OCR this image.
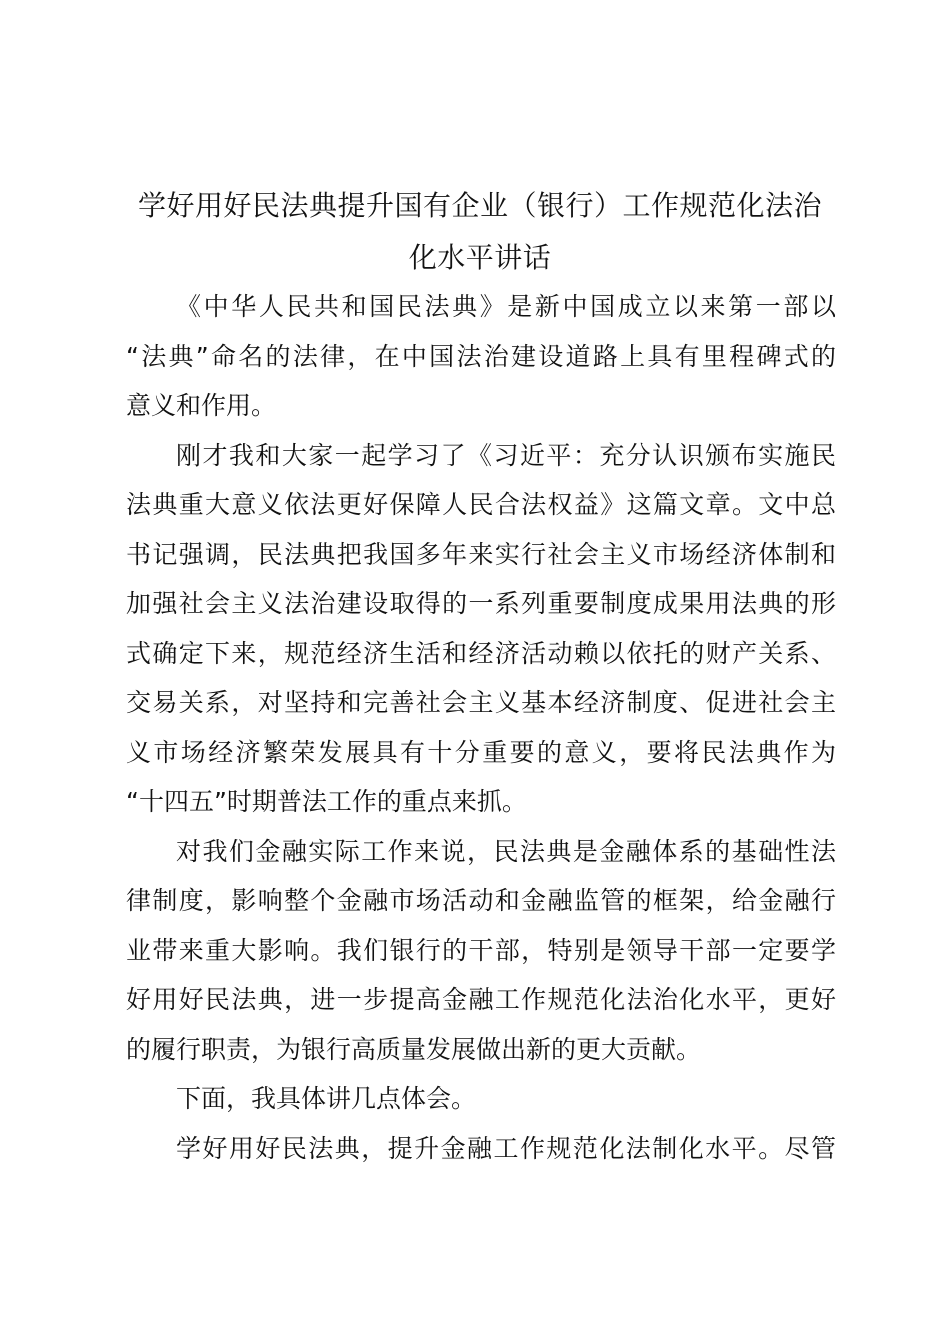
学好用好民法典提升国有企业（银行）工作规范化法治
化水平讲话
《中华人民共和国民法典》是新中国成立以来第一部以
“法典”命名的法律，在中国法治建设道路上具有里程碑式的
意义和作用。
刚才我和大家一起学习了《习近平：充分认识颁布实施民
法典重大意义依法更好保障人民合法权益》这篇文章。文中总
书记强调，民法典把我国多年来实行社会主义市场经济体制和
加强社会主义法治建设取得的一系列重要制度成果用法典的形
式确定下来，规范经济生活和经济活动赖以依托的财产关系、
交易关系，对坚持和完善社会主义基本经济制度、促进社会主
义市场经济繁荣发展具有十分重要的意义，要将民法典作为
“十四五”时期普法工作的重点来抓。
对我们金融实际工作来说，民法典是金融体系的基础性法
律制度，影响整个金融市场活动和金融监管的框架，给金融行
业带来重大影响。我们银行的干部，特别是领导干部一定要学
好用好民法典，进一步提高金融工作规范化法治化水平，更好
的履行职责，为银行高质量发展做出新的更大贡献。
下面，我具体讲几点体会。
学好用好民法典，提升金融工作规范化法制化水平。尽管
